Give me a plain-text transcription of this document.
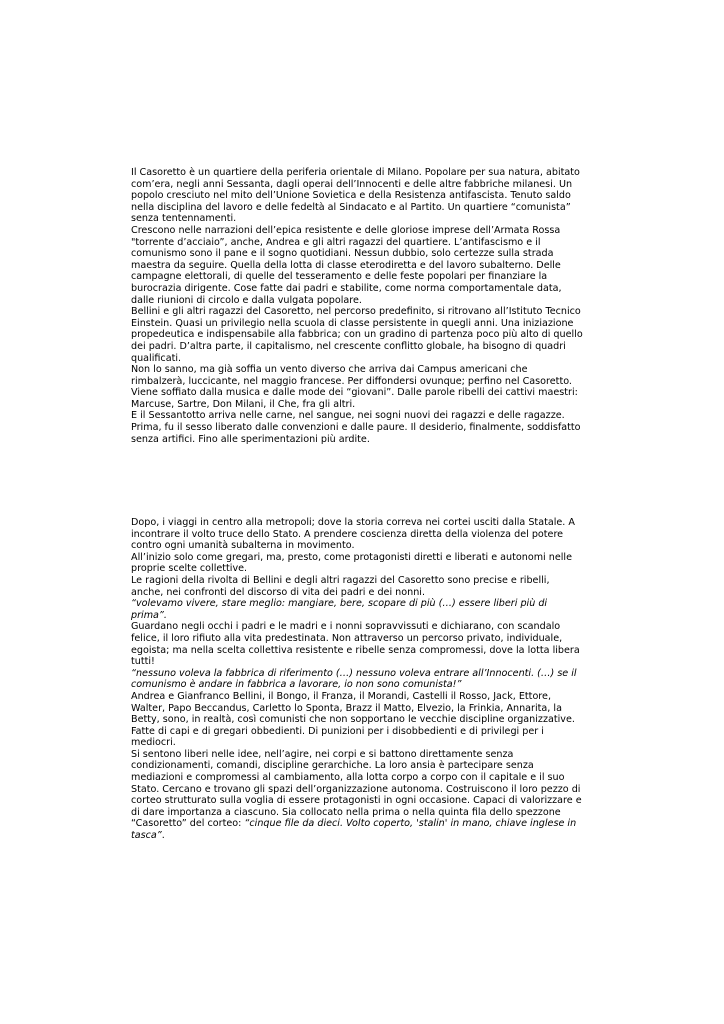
Il Casoretto è un quartiere della periferia orientale di Milano. Popolare per sua natura, abitato
com’era, negli anni Sessanta, dagli operai dell’Innocenti e delle altre fabbriche milanesi. Un
popolo cresciuto nel mito dell’Unione Sovietica e della Resistenza antifascista. Tenuto saldo
nella disciplina del lavoro e delle fedeltà al Sindacato e al Partito. Un quartiere “comunista”
senza tentennamenti.
Crescono nelle narrazioni dell’epica resistente e delle gloriose imprese dell’Armata Rossa
"torrente d’acciaio”, anche, Andrea e gli altri ragazzi del quartiere. L’antifascismo e il
comunismo sono il pane e il sogno quotidiani. Nessun dubbio, solo certezze sulla strada
maestra da seguire. Quella della lotta di classe eterodiretta e del lavoro subalterno. Delle
campagne elettorali, di quelle del tesseramento e delle feste popolari per finanziare la
burocrazia dirigente. Cose fatte dai padri e stabilite, come norma comportamentale data,
dalle riunioni di circolo e dalla vulgata popolare.
Bellini e gli altri ragazzi del Casoretto, nel percorso predefinito, si ritrovano all’Istituto Tecnico
Einstein. Quasi un privilegio nella scuola di classe persistente in quegli anni. Una iniziazione
propedeutica e indispensabile alla fabbrica; con un gradino di partenza poco più alto di quello
dei padri. D’altra parte, il capitalismo, nel crescente conflitto globale, ha bisogno di quadri
qualificati.
Non lo sanno, ma già soffia un vento diverso che arriva dai Campus americani che
rimbalzerà, luccicante, nel maggio francese. Per diffondersi ovunque; perfino nel Casoretto.
Viene soffiato dalla musica e dalle mode dei “giovani”. Dalle parole ribelli dei cattivi maestri:
Marcuse, Sartre, Don Milani, il Che, fra gli altri.
E il Sessantotto arriva nelle carne, nel sangue, nei sogni nuovi dei ragazzi e delle ragazze.
Prima, fu il sesso liberato dalle convenzioni e dalle paure. Il desiderio, finalmente, soddisfatto
senza artifici. Fino alle sperimentazioni più ardite.
Dopo, i viaggi in centro alla metropoli; dove la storia correva nei cortei usciti dalla Statale. A
incontrare il volto truce dello Stato. A prendere coscienza diretta della violenza del potere
contro ogni umanità subalterna in movimento.
All’inizio solo come gregari, ma, presto, come protagonisti diretti e liberati e autonomi nelle
proprie scelte collettive.
Le ragioni della rivolta di Bellini e degli altri ragazzi del Casoretto sono precise e ribelli,
anche, nei confronti del discorso di vita dei padri e dei nonni.
“volevamo vivere, stare meglio: mangiare, bere, scopare di più (…) essere liberi più di
prima”.
Guardano negli occhi i padri e le madri e i nonni sopravvissuti e dichiarano, con scandalo
felice, il loro rifiuto alla vita predestinata. Non attraverso un percorso privato, individuale,
egoista; ma nella scelta collettiva resistente e ribelle senza compromessi, dove la lotta libera
tutti!
“nessuno voleva la fabbrica di riferimento (…) nessuno voleva entrare all’Innocenti. (…) se il
comunismo è andare in fabbrica a lavorare, io non sono comunista!”
Andrea e Gianfranco Bellini, il Bongo, il Franza, il Morandi, Castelli il Rosso, Jack, Ettore,
Walter, Papo Beccandus, Carletto lo Sponta, Brazz il Matto, Elvezio, la Frinkia, Annarita, la
Betty, sono, in realtà, così comunisti che non sopportano le vecchie discipline organizzative.
Fatte di capi e di gregari obbedienti. Di punizioni per i disobbedienti e di privilegi per i
mediocri.
Si sentono liberi nelle idee, nell’agire, nei corpi e si battono direttamente senza
condizionamenti, comandi, discipline gerarchiche. La loro ansia è partecipare senza
mediazioni e compromessi al cambiamento, alla lotta corpo a corpo con il capitale e il suo
Stato. Cercano e trovano gli spazi dell’organizzazione autonoma. Costruiscono il loro pezzo di
corteo strutturato sulla voglia di essere protagonisti in ogni occasione. Capaci di valorizzare e
di dare importanza a ciascuno. Sia collocato nella prima o nella quinta fila dello spezzone
“Casoretto” del corteo: “cinque file da dieci. Volto coperto, 'stalin' in mano, chiave inglese in
tasca”.
